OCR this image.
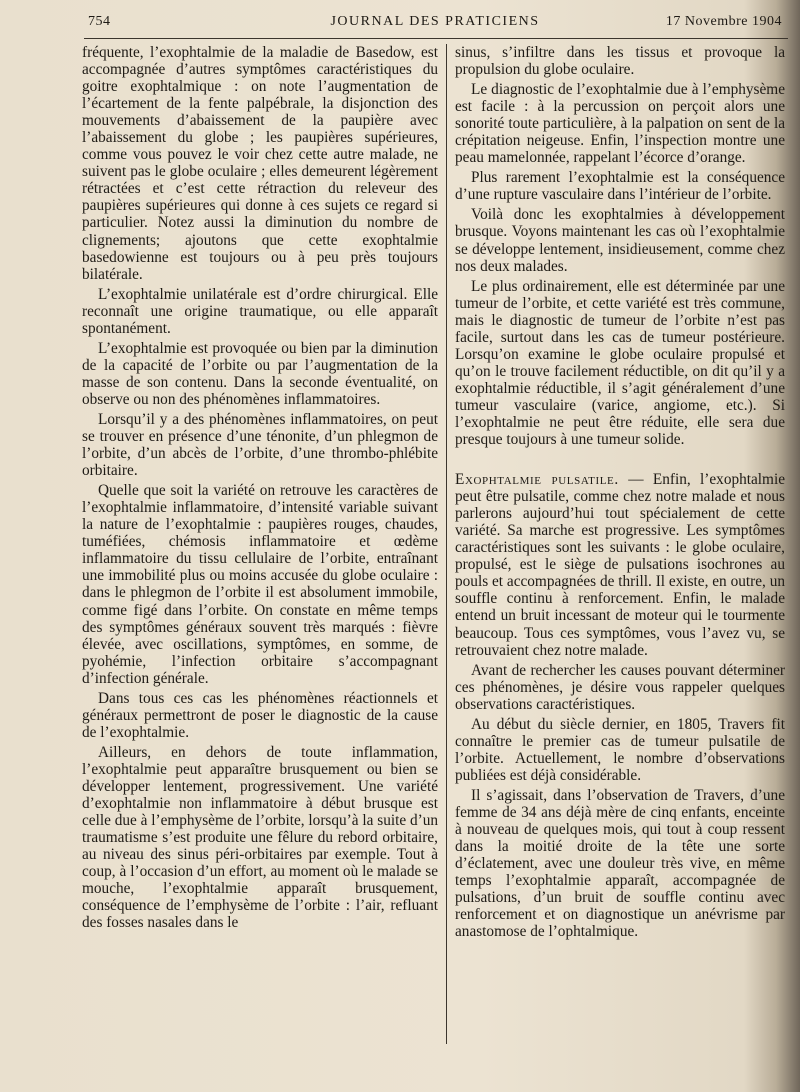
754	JOURNAL DES PRATICIENS	17 Novembre 1904

fréquente, l’exophtalmie de la maladie de Basedow, est accompagnée d’autres symptômes caractéristiques du goitre exophtalmique : on note l’augmentation de l’écartement de la fente palpébrale, la disjonction des mouvements d’abaissement de la paupière avec l’abaissement du globe ; les paupières supérieures, comme vous pouvez le voir chez cette autre malade, ne suivent pas le globe oculaire ; elles demeurent légèrement rétractées et c’est cette rétraction du releveur des paupières supérieures qui donne à ces sujets ce regard si particulier. Notez aussi la diminution du nombre de clignements; ajoutons que cette exophtalmie basedowienne est toujours ou à peu près toujours bilatérale.

L’exophtalmie unilatérale est d’ordre chirurgical. Elle reconnaît une origine traumatique, ou elle apparaît spontanément.

L’exophtalmie est provoquée ou bien par la diminution de la capacité de l’orbite ou par l’augmentation de la masse de son contenu. Dans la seconde éventualité, on observe ou non des phénomènes inflammatoires.

Lorsqu’il y a des phénomènes inflammatoires, on peut se trouver en présence d’une ténonite, d’un phlegmon de l’orbite, d’un abcès de l’orbite, d’une thrombo-phlébite orbitaire.

Quelle que soit la variété on retrouve les caractères de l’exophtalmie inflammatoire, d’intensité variable suivant la nature de l’exophtalmie : paupières rouges, chaudes, tuméfiées, chémosis inflammatoire et œdème inflammatoire du tissu cellulaire de l’orbite, entraînant une immobilité plus ou moins accusée du globe oculaire : dans le phlegmon de l’orbite il est absolument immobile, comme figé dans l’orbite. On constate en même temps des symptômes généraux souvent très marqués : fièvre élevée, avec oscillations, symptômes, en somme, de pyohémie, l’infection orbitaire s’accompagnant d’infection générale.

Dans tous ces cas les phénomènes réactionnels et généraux permettront de poser le diagnostic de la cause de l’exophtalmie.

Ailleurs, en dehors de toute inflammation, l’exophtalmie peut apparaître brusquement ou bien se développer lentement, progressivement. Une variété d’exophtalmie non inflammatoire à début brusque est celle due à l’emphysème de l’orbite, lorsqu’à la suite d’un traumatisme s’est produite une fêlure du rebord orbitaire, au niveau des sinus péri-orbitaires par exemple. Tout à coup, à l’occasion d’un effort, au moment où le malade se mouche, l’exophtalmie apparaît brusquement, conséquence de l’emphysème de l’orbite : l’air, refluant des fosses nasales dans le

sinus, s’infiltre dans les tissus et provoque la propulsion du globe oculaire.

Le diagnostic de l’exophtalmie due à l’emphysème est facile : à la percussion on perçoit alors une sonorité toute particulière, à la palpation on sent de la crépitation neigeuse. Enfin, l’inspection montre une peau mamelonnée, rappelant l’écorce d’orange.

Plus rarement l’exophtalmie est la conséquence d’une rupture vasculaire dans l’intérieur de l’orbite.

Voilà donc les exophtalmies à développement brusque. Voyons maintenant les cas où l’exophtalmie se développe lentement, insidieusement, comme chez nos deux malades.

Le plus ordinairement, elle est déterminée par une tumeur de l’orbite, et cette variété est très commune, mais le diagnostic de tumeur de l’orbite n’est pas facile, surtout dans les cas de tumeur postérieure. Lorsqu’on examine le globe oculaire propulsé et qu’on le trouve facilement réductible, on dit qu’il y a exophtalmie réductible, il s’agit généralement d’une tumeur vasculaire (varice, angiome, etc.). Si l’exophtalmie ne peut être réduite, elle sera due presque toujours à une tumeur solide.

Exophtalmie pulsatile. — Enfin, l’exophtalmie peut être pulsatile, comme chez notre malade et nous parlerons aujourd’hui tout spécialement de cette variété. Sa marche est progressive. Les symptômes caractéristiques sont les suivants : le globe oculaire, propulsé, est le siège de pulsations isochrones au pouls et accompagnées de thrill. Il existe, en outre, un souffle continu à renforcement. Enfin, le malade entend un bruit incessant de moteur qui le tourmente beaucoup. Tous ces symptômes, vous l’avez vu, se retrouvaient chez notre malade.

Avant de rechercher les causes pouvant déterminer ces phénomènes, je désire vous rappeler quelques observations caractéristiques.

Au début du siècle dernier, en 1805, Travers fit connaître le premier cas de tumeur pulsatile de l’orbite. Actuellement, le nombre d’observations publiées est déjà considérable.

Il s’agissait, dans l’observation de Travers, d’une femme de 34 ans déjà mère de cinq enfants, enceinte à nouveau de quelques mois, qui tout à coup ressent dans la moitié droite de la tête une sorte d’éclatement, avec une douleur très vive, en même temps l’exophtalmie apparaît, accompagnée de pulsations, d’un bruit de souffle continu avec renforcement et on diagnostique un anévrisme par anastomose de l’ophtalmique.
